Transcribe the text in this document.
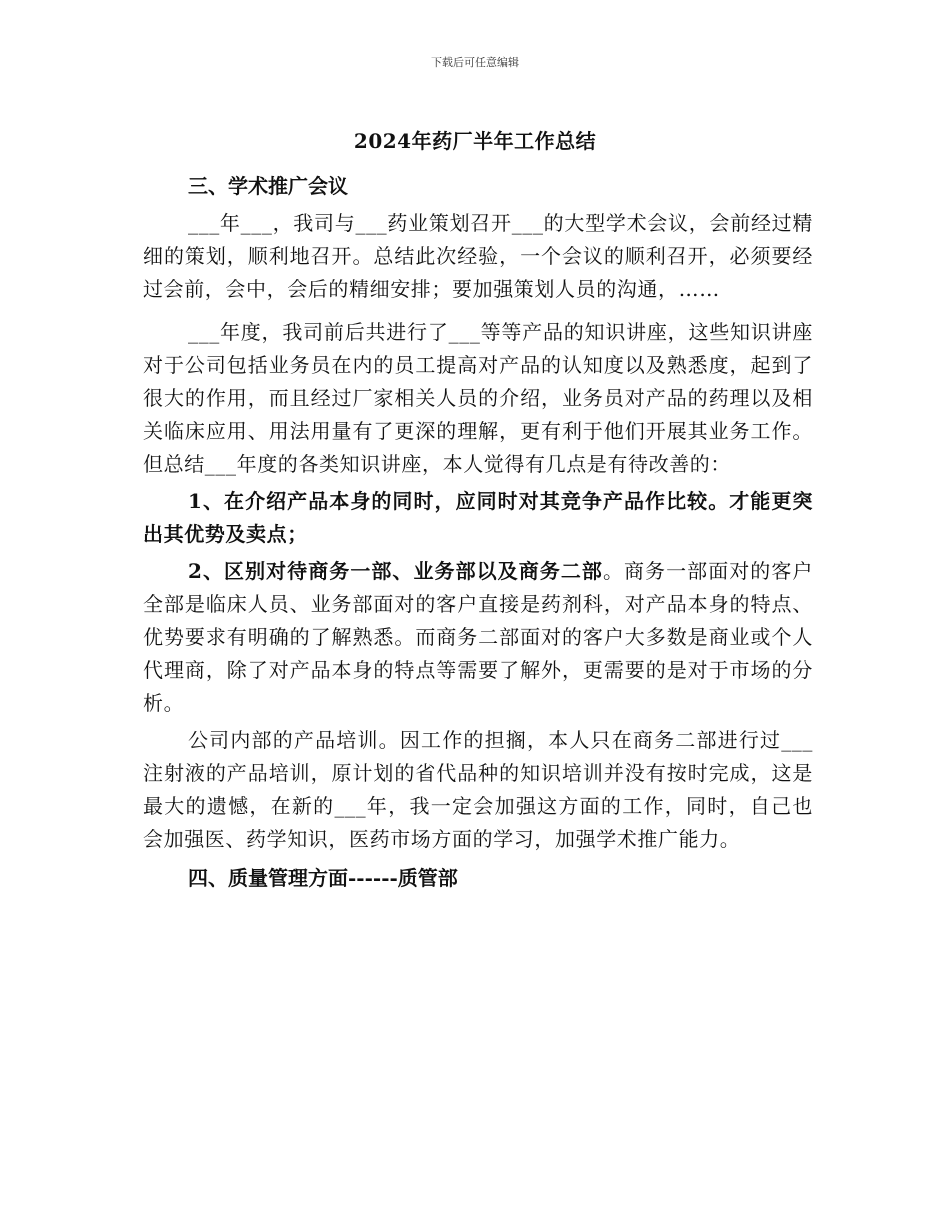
下载后可任意编辑
2024年药厂半年工作总结

三、学术推广会议

___年___，我司与___药业策划召开___的大型学术会议，会前经过精细的策划，顺利地召开。总结此次经验，一个会议的顺利召开，必须要经过会前，会中，会后的精细安排；要加强策划人员的沟通，……

___年度，我司前后共进行了___等等产品的知识讲座，这些知识讲座对于公司包括业务员在内的员工提高对产品的认知度以及熟悉度，起到了很大的作用，而且经过厂家相关人员的介绍，业务员对产品的药理以及相关临床应用、用法用量有了更深的理解，更有利于他们开展其业务工作。但总结___年度的各类知识讲座，本人觉得有几点是有待改善的：

1、在介绍产品本身的同时，应同时对其竞争产品作比较。才能更突出其优势及卖点；

2、区别对待商务一部、业务部以及商务二部。商务一部面对的客户全部是临床人员、业务部面对的客户直接是药剂科，对产品本身的特点、优势要求有明确的了解熟悉。而商务二部面对的客户大多数是商业或个人代理商，除了对产品本身的特点等需要了解外，更需要的是对于市场的分析。

公司内部的产品培训。因工作的担搁，本人只在商务二部进行过___注射液的产品培训，原计划的省代品种的知识培训并没有按时完成，这是最大的遗憾，在新的___年，我一定会加强这方面的工作，同时，自己也会加强医、药学知识，医药市场方面的学习，加强学术推广能力。

四、质量管理方面------质管部
